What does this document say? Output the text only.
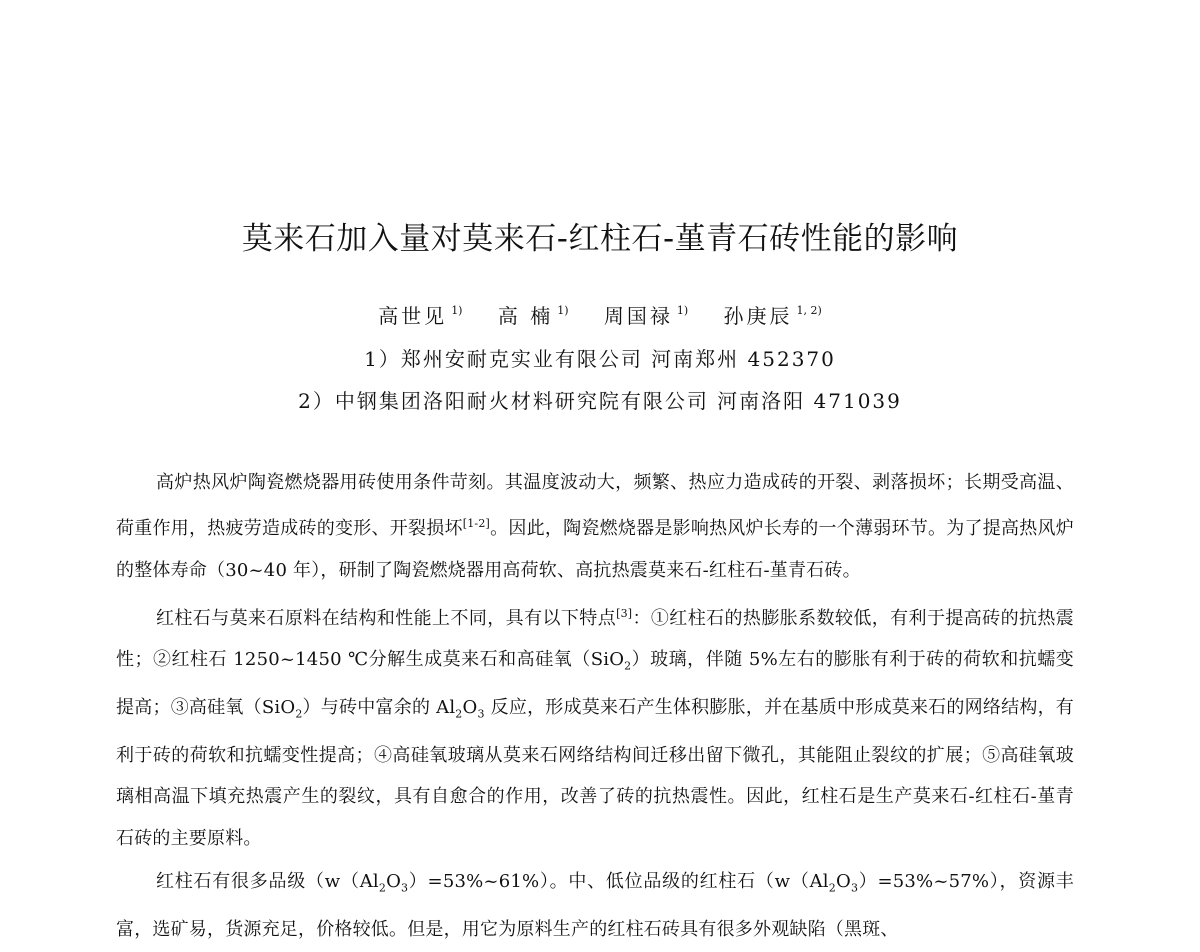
莫来石加入量对莫来石-红柱石-堇青石砖性能的影响
高世见 $^{1)}$ 高 楠 $^{1)}$ 周国禄 $^{1)}$ 孙庚辰 $^{1, 2)}$
1）郑州安耐克实业有限公司 河南郑州 452370
2）中钢集团洛阳耐火材料研究院有限公司 河南洛阳 471039

高炉热风炉陶瓷燃烧器用砖使用条件苛刻。其温度波动大，频繁、热应力造成砖的开裂、剥落损坏；长期受高温、荷重作用，热疲劳造成砖的变形、开裂损坏[1-2]。因此，陶瓷燃烧器是影响热风炉长寿的一个薄弱环节。为了提高热风炉的整体寿命（30~40 年），研制了陶瓷燃烧器用高荷软、高抗热震莫来石-红柱石-堇青石砖。

红柱石与莫来石原料在结构和性能上不同，具有以下特点[3]：①红柱石的热膨胀系数较低，有利于提高砖的抗热震性；②红柱石 1250~1450 ℃分解生成莫来石和高硅氧（SiO$_2$）玻璃，伴随 5%左右的膨胀有利于砖的荷软和抗蠕变提高；③高硅氧（SiO$_2$）与砖中富余的 $Al_2O_3$ 反应，形成莫来石产生体积膨胀，并在基质中形成莫来石的网络结构，有利于砖的荷软和抗蠕变性提高；④高硅氧玻璃从莫来石网络结构间迁移出留下微孔，其能阻止裂纹的扩展；⑤高硅氧玻璃相高温下填充热震产生的裂纹，具有自愈合的作用，改善了砖的抗热震性。因此，红柱石是生产莫来石-红柱石-堇青石砖的主要原料。

红柱石有很多品级$(w(Al_2O_3)=53\%\sim 61\%)$。中、低位品级的红柱石$(w(Al_2O_3)=53\%\sim 57\%)$，资源丰富，选矿易，货源充足，价格较低。但是，用它为原料生产的红柱石砖具有很多外观缺陷（黑斑、
